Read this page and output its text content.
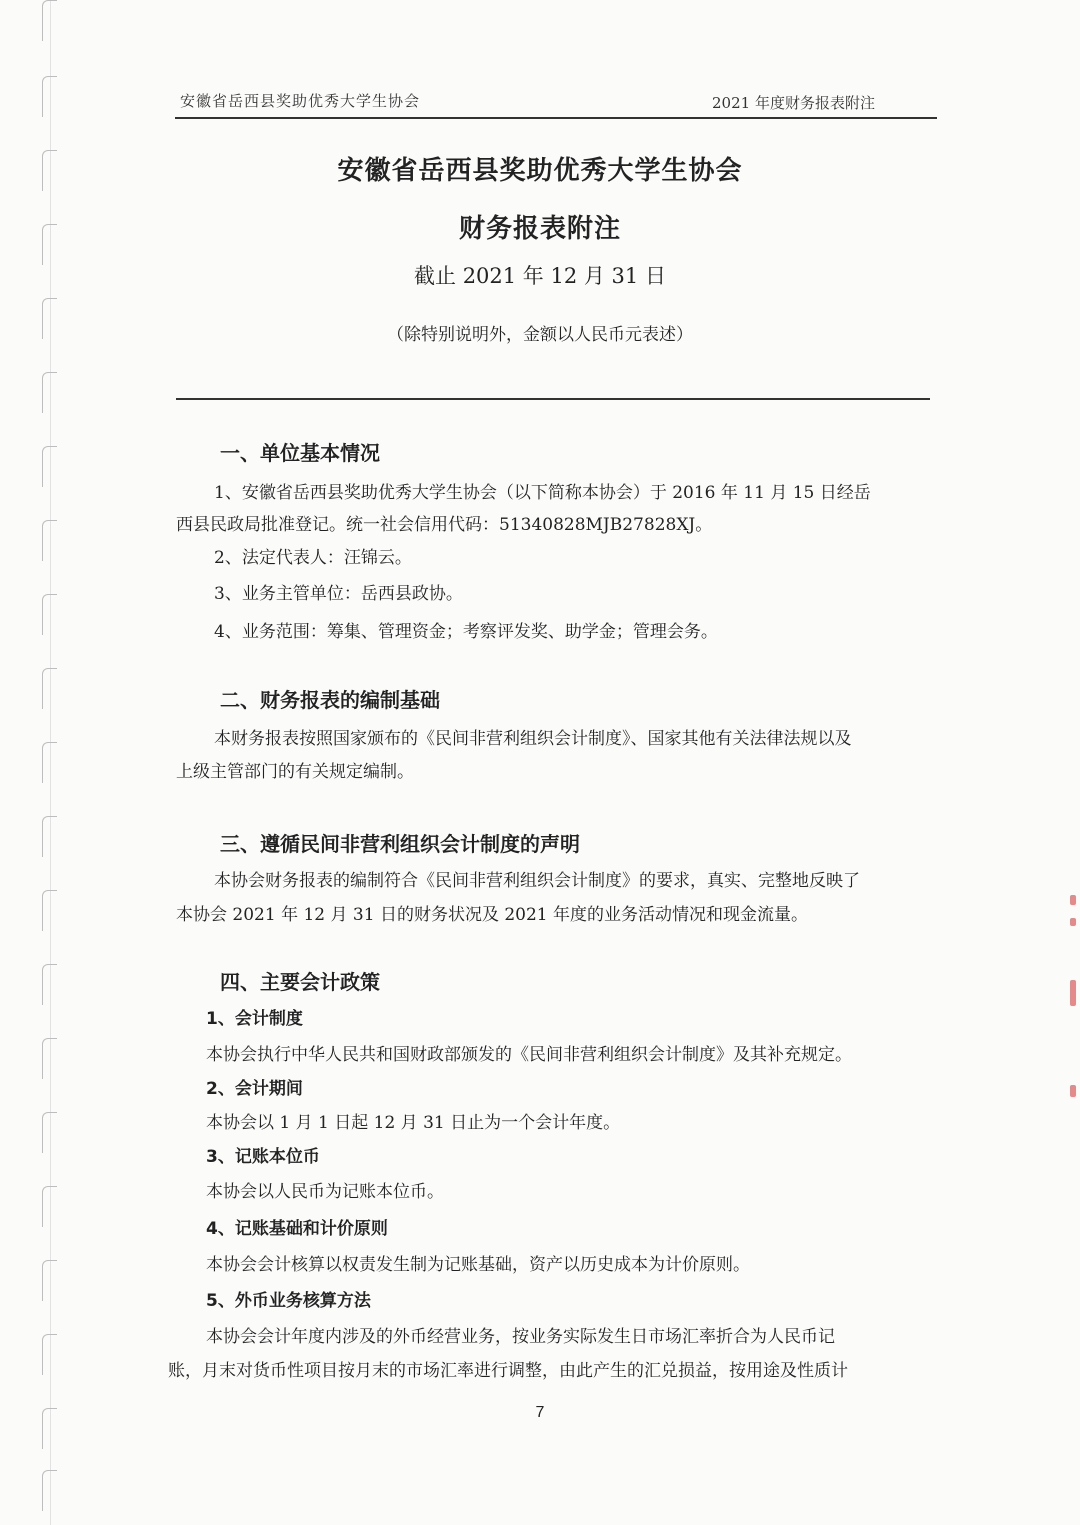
安徽省岳西县奖助优秀大学生协会	2021 年度财务报表附注
安徽省岳西县奖助优秀大学生协会
财务报表附注
截止 2021 年 12 月 31 日
（除特别说明外，金额以人民币元表述）
一、单位基本情况
1、安徽省岳西县奖助优秀大学生协会（以下简称本协会）于 2016 年 11 月 15 日经岳
西县民政局批准登记。统一社会信用代码：51340828MJB27828XJ。
2、法定代表人：汪锦云。
3、业务主管单位：岳西县政协。
4、业务范围：筹集、管理资金；考察评发奖、助学金；管理会务。
二、财务报表的编制基础
本财务报表按照国家颁布的《民间非营利组织会计制度》、国家其他有关法律法规以及
上级主管部门的有关规定编制。
三、遵循民间非营利组织会计制度的声明
本协会财务报表的编制符合《民间非营利组织会计制度》的要求，真实、完整地反映了
本协会 2021 年 12 月 31 日的财务状况及 2021 年度的业务活动情况和现金流量。
四、主要会计政策
1、会计制度
本协会执行中华人民共和国财政部颁发的《民间非营利组织会计制度》及其补充规定。
2、会计期间
本协会以 1 月 1 日起 12 月 31 日止为一个会计年度。
3、记账本位币
本协会以人民币为记账本位币。
4、记账基础和计价原则
本协会会计核算以权责发生制为记账基础，资产以历史成本为计价原则。
5、外币业务核算方法
本协会会计年度内涉及的外币经营业务，按业务实际发生日市场汇率折合为人民币记
账，月末对货币性项目按月末的市场汇率进行调整，由此产生的汇兑损益，按用途及性质计
7
